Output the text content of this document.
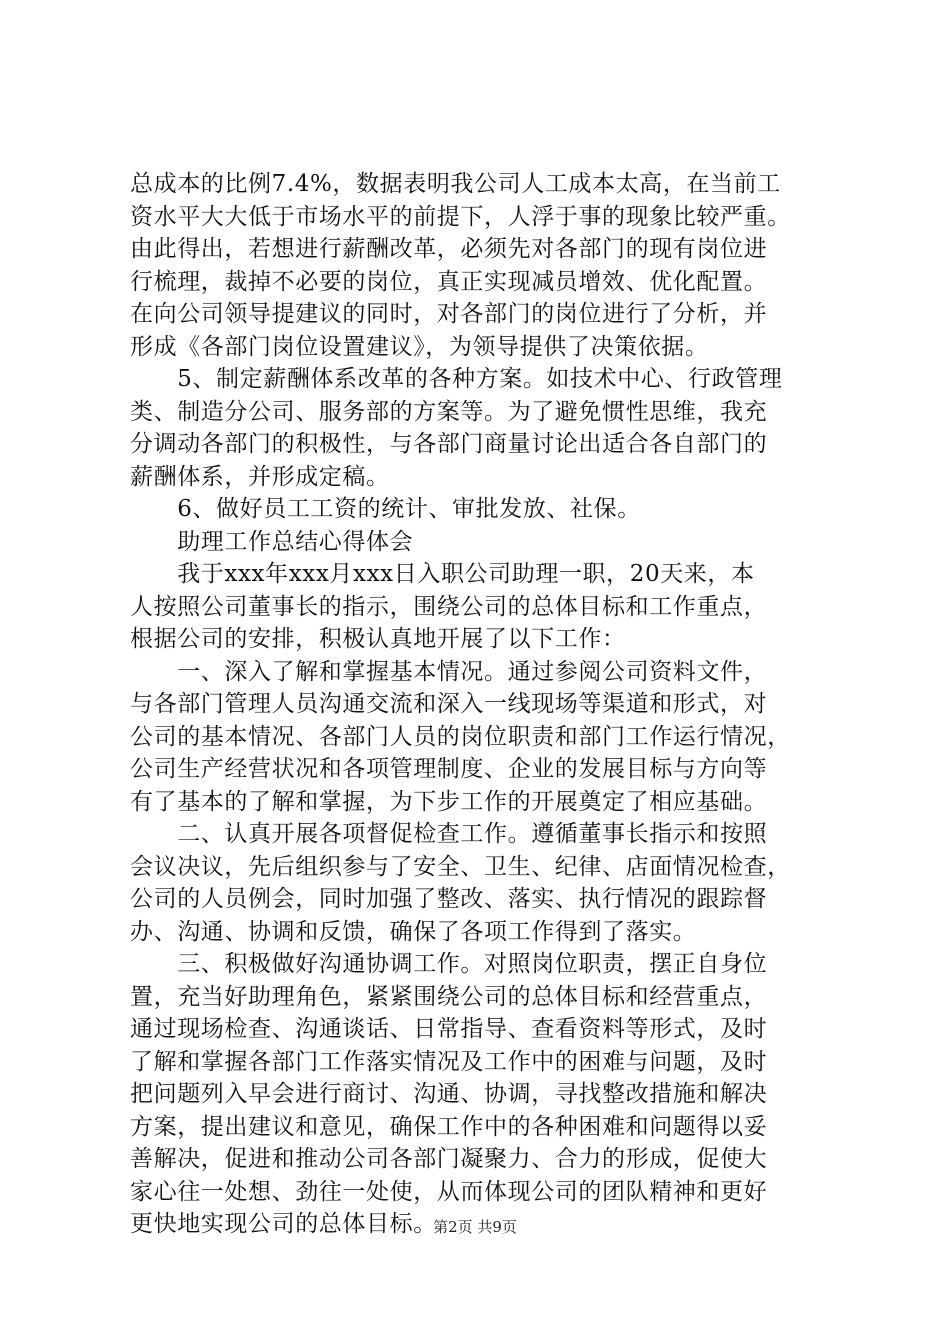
总成本的比例7.4%，数据表明我公司人工成本太高，在当前工
资水平大大低于市场水平的前提下，人浮于事的现象比较严重。
由此得出，若想进行薪酬改革，必须先对各部门的现有岗位进
行梳理，裁掉不必要的岗位，真正实现减员增效、优化配置。
在向公司领导提建议的同时，对各部门的岗位进行了分析，并
形成《各部门岗位设置建议》，为领导提供了决策依据。
　　5、制定薪酬体系改革的各种方案。如技术中心、行政管理
类、制造分公司、服务部的方案等。为了避免惯性思维，我充
分调动各部门的积极性，与各部门商量讨论出适合各自部门的
薪酬体系，并形成定稿。
　　6、做好员工工资的统计、审批发放、社保。
　　助理工作总结心得体会
　　我于xxx年xxx月xxx日入职公司助理一职，20天来，本
人按照公司董事长的指示，围绕公司的总体目标和工作重点，
根据公司的安排，积极认真地开展了以下工作：
　　一、深入了解和掌握基本情况。通过参阅公司资料文件，
与各部门管理人员沟通交流和深入一线现场等渠道和形式，对
公司的基本情况、各部门人员的岗位职责和部门工作运行情况，
公司生产经营状况和各项管理制度、企业的发展目标与方向等
有了基本的了解和掌握，为下步工作的开展奠定了相应基础。
　　二、认真开展各项督促检查工作。遵循董事长指示和按照
会议决议，先后组织参与了安全、卫生、纪律、店面情况检查，
公司的人员例会，同时加强了整改、落实、执行情况的跟踪督
办、沟通、协调和反馈，确保了各项工作得到了落实。
　　三、积极做好沟通协调工作。对照岗位职责，摆正自身位
置，充当好助理角色，紧紧围绕公司的总体目标和经营重点，
通过现场检查、沟通谈话、日常指导、查看资料等形式，及时
了解和掌握各部门工作落实情况及工作中的困难与问题，及时
把问题列入早会进行商讨、沟通、协调，寻找整改措施和解决
方案，提出建议和意见，确保工作中的各种困难和问题得以妥
善解决，促进和推动公司各部门凝聚力、合力的形成，促使大
家心往一处想、劲往一处使，从而体现公司的团队精神和更好
更快地实现公司的总体目标。
第2页 共9页
